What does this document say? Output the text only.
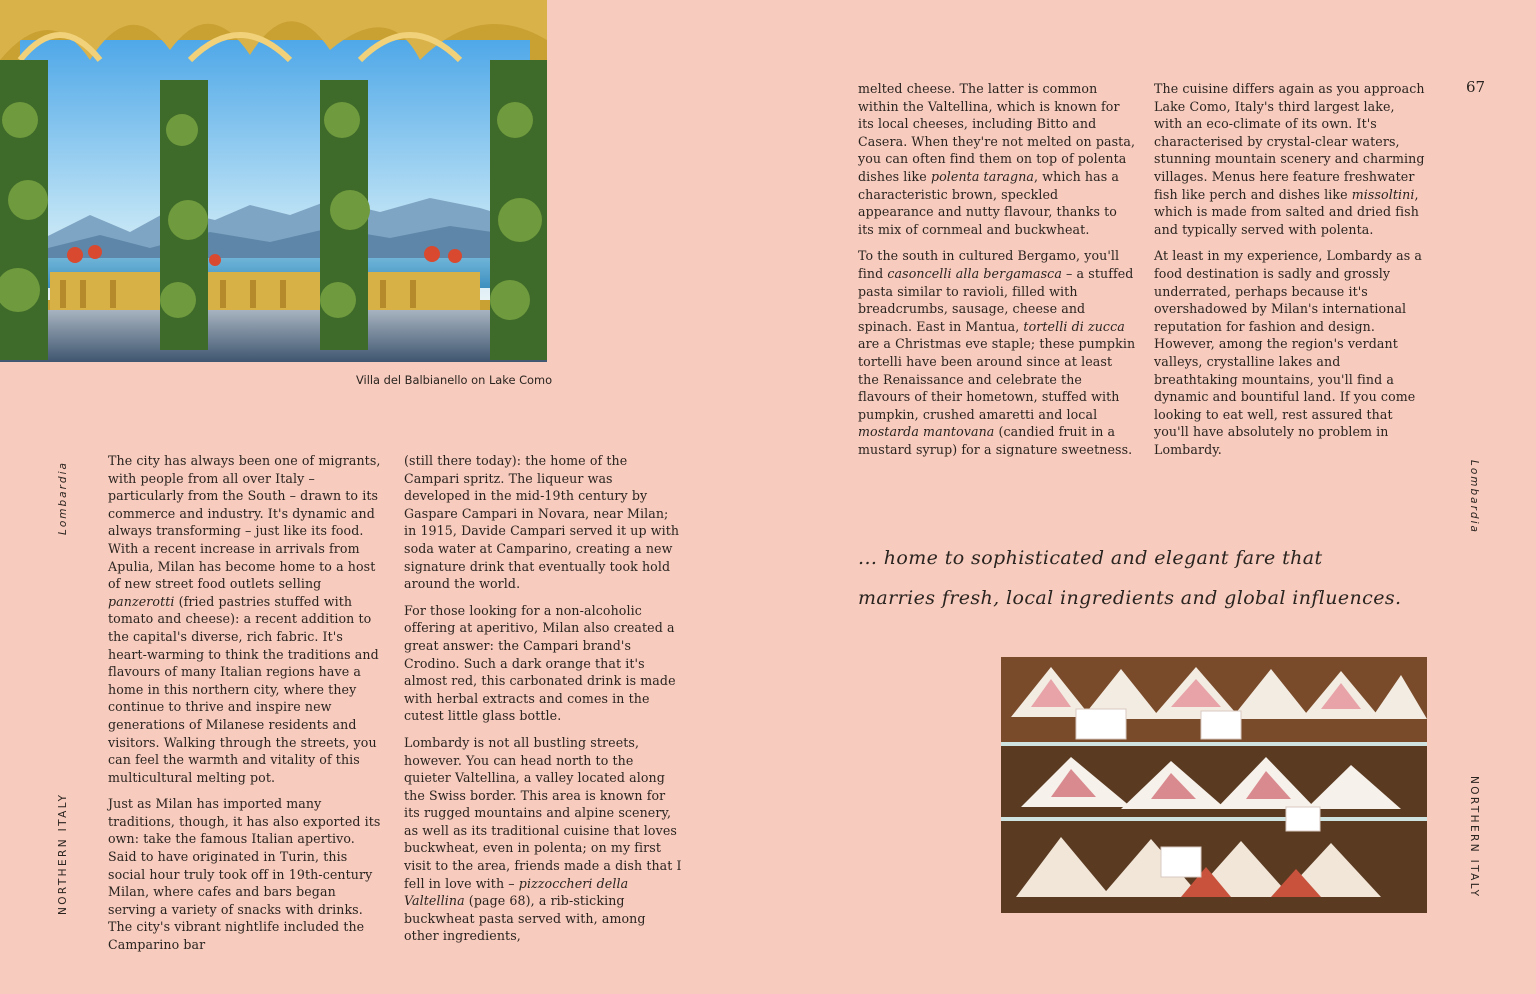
Villa del Balbianello on Lake Como
Lombardia
NORTHERN ITALY
Lombardia
NORTHERN ITALY
67

The city has always been one of migrants, with people from all over Italy – particularly from the South – drawn to its commerce and industry. It's dynamic and always transforming – just like its food. With a recent increase in arrivals from Apulia, Milan has become home to a host of new street food outlets selling panzerotti (fried pastries stuffed with tomato and cheese): a recent addition to the capital's diverse, rich fabric. It's heart-warming to think the traditions and flavours of many Italian regions have a home in this northern city, where they continue to thrive and inspire new generations of Milanese residents and visitors. Walking through the streets, you can feel the warmth and vitality of this multicultural melting pot.

Just as Milan has imported many traditions, though, it has also exported its own: take the famous Italian apertivo. Said to have originated in Turin, this social hour truly took off in 19th-century Milan, where cafes and bars began serving a variety of snacks with drinks. The city's vibrant nightlife included the Camparino bar

(still there today): the home of the Campari spritz. The liqueur was developed in the mid-19th century by Gaspare Campari in Novara, near Milan; in 1915, Davide Campari served it up with soda water at Camparino, creating a new signature drink that eventually took hold around the world.

For those looking for a non-alcoholic offering at aperitivo, Milan also created a great answer: the Campari brand's Crodino. Such a dark orange that it's almost red, this carbonated drink is made with herbal extracts and comes in the cutest little glass bottle.

Lombardy is not all bustling streets, however. You can head north to the quieter Valtellina, a valley located along the Swiss border. This area is known for its rugged mountains and alpine scenery, as well as its traditional cuisine that loves buckwheat, even in polenta; on my first visit to the area, friends made a dish that I fell in love with – pizzoccheri della Valtellina (page 68), a rib-sticking buckwheat pasta served with, among other ingredients,

melted cheese. The latter is common within the Valtellina, which is known for its local cheeses, including Bitto and Casera. When they're not melted on pasta, you can often find them on top of polenta dishes like polenta taragna, which has a characteristic brown, speckled appearance and nutty flavour, thanks to its mix of cornmeal and buckwheat.

To the south in cultured Bergamo, you'll find casoncelli alla bergamasca – a stuffed pasta similar to ravioli, filled with breadcrumbs, sausage, cheese and spinach. East in Mantua, tortelli di zucca are a Christmas eve staple; these pumpkin tortelli have been around since at least the Renaissance and celebrate the flavours of their hometown, stuffed with pumpkin, crushed amaretti and local mostarda mantovana (candied fruit in a mustard syrup) for a signature sweetness.

The cuisine differs again as you approach Lake Como, Italy's third largest lake, with an eco-climate of its own. It's characterised by crystal-clear waters, stunning mountain scenery and charming villages. Menus here feature freshwater fish like perch and dishes like missoltini, which is made from salted and dried fish and typically served with polenta.

At least in my experience, Lombardy as a food destination is sadly and grossly underrated, perhaps because it's overshadowed by Milan's international reputation for fashion and design. However, among the region's verdant valleys, crystalline lakes and breathtaking mountains, you'll find a dynamic and bountiful land. If you come looking to eat well, rest assured that you'll have absolutely no problem in Lombardy.

... home to sophisticated and elegant fare that
marries fresh, local ingredients and global influences.
